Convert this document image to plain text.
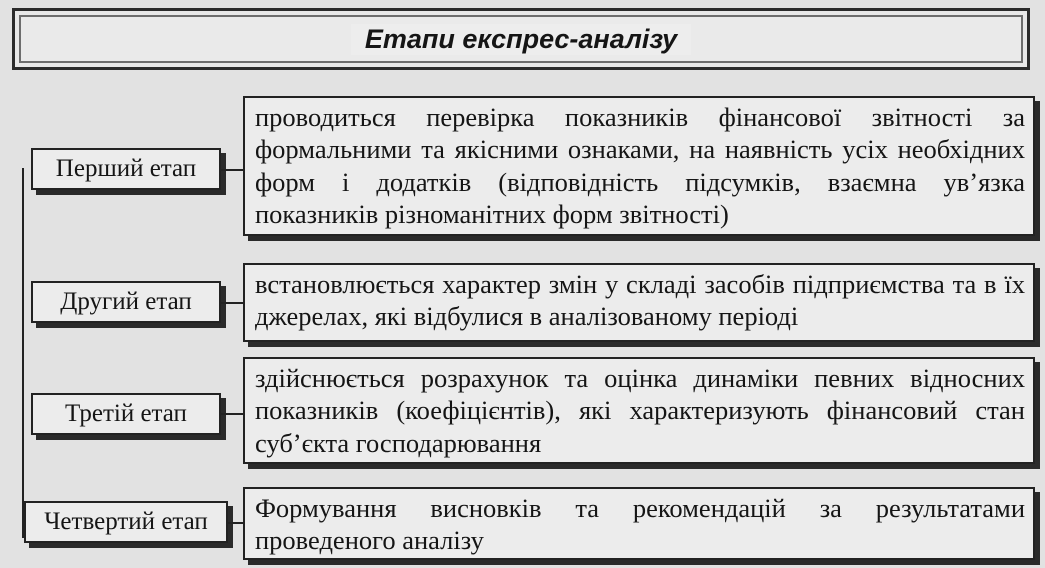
Етапи експрес-аналізу
Перший етап
проводиться перевірка показників фінансової звітності за формальними та якісними ознаками, на наявність усіх необхідних форм і додатків (відповідність підсумків, взаємна ув’язка показників різноманітних форм звітності)
Другий етап
встановлюється характер змін у складі засобів підприємства та в їх джерелах, які відбулися в аналізованому періоді
Третій етап
здійснюється розрахунок та оцінка динаміки певних відносних показників (коефіцієнтів), які характеризують фінансовий стан суб’єкта господарювання
Четвертий етап	Формування висновків та рекомендацій за результатами проведеного аналізу
